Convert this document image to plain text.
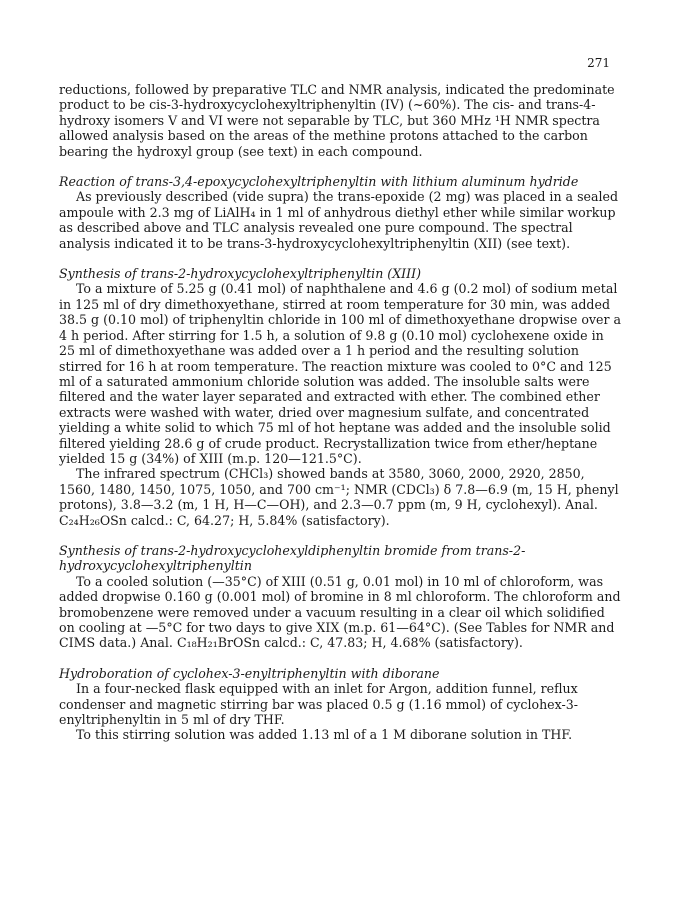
271

reductions, followed by preparative TLC and NMR analysis, indicated the predominate product to be cis-3-hydroxycyclohexyltriphenyltin (IV) (~60%). The cis- and trans-4-hydroxy isomers V and VI were not separable by TLC, but 360 MHz ¹H NMR spectra allowed analysis based on the areas of the methine protons attached to the carbon bearing the hydroxyl group (see text) in each compound.

Reaction of trans-3,4-epoxycyclohexyltriphenyltin with lithium aluminum hydride

As previously described (vide supra) the trans-epoxide (2 mg) was placed in a sealed ampoule with 2.3 mg of LiAlH₄ in 1 ml of anhydrous diethyl ether while similar workup as described above and TLC analysis revealed one pure compound. The spectral analysis indicated it to be trans-3-hydroxycyclohexyltriphenyltin (XII) (see text).

Synthesis of trans-2-hydroxycyclohexyltriphenyltin (XIII)

To a mixture of 5.25 g (0.41 mol) of naphthalene and 4.6 g (0.2 mol) of sodium metal in 125 ml of dry dimethoxyethane, stirred at room temperature for 30 min, was added 38.5 g (0.10 mol) of triphenyltin chloride in 100 ml of dimethoxyethane dropwise over a 4 h period. After stirring for 1.5 h, a solution of 9.8 g (0.10 mol) cyclohexene oxide in 25 ml of dimethoxyethane was added over a 1 h period and the resulting solution stirred for 16 h at room temperature. The reaction mixture was cooled to 0°C and 125 ml of a saturated ammonium chloride solution was added. The insoluble salts were filtered and the water layer separated and extracted with ether. The combined ether extracts were washed with water, dried over magnesium sulfate, and concentrated yielding a white solid to which 75 ml of hot heptane was added and the insoluble solid filtered yielding 28.6 g of crude product. Recrystallization twice from ether/heptane yielded 15 g (34%) of XIII (m.p. 120—121.5°C).

The infrared spectrum (CHCl₃) showed bands at 3580, 3060, 2000, 2920, 2850, 1560, 1480, 1450, 1075, 1050, and 700 cm⁻¹; NMR (CDCl₃) δ 7.8—6.9 (m, 15 H, phenyl protons), 3.8—3.2 (m, 1 H, H—C—OH), and 2.3—0.7 ppm (m, 9 H, cyclohexyl). Anal. C₂₄H₂₆OSn calcd.: C, 64.27; H, 5.84% (satisfactory).

Synthesis of trans-2-hydroxycyclohexyldiphenyltin bromide from trans-2-hydroxycyclohexyltriphenyltin

To a cooled solution (—35°C) of XIII (0.51 g, 0.01 mol) in 10 ml of chloroform, was added dropwise 0.160 g (0.001 mol) of bromine in 8 ml chloroform. The chloroform and bromobenzene were removed under a vacuum resulting in a clear oil which solidified on cooling at —5°C for two days to give XIX (m.p. 61—64°C). (See Tables for NMR and CIMS data.) Anal. C₁₈H₂₁BrOSn calcd.: C, 47.83; H, 4.68% (satisfactory).

Hydroboration of cyclohex-3-enyltriphenyltin with diborane

In a four-necked flask equipped with an inlet for Argon, addition funnel, reflux condenser and magnetic stirring bar was placed 0.5 g (1.16 mmol) of cyclohex-3-enyltriphenyltin in 5 ml of dry THF.

To this stirring solution was added 1.13 ml of a 1 M diborane solution in THF.
